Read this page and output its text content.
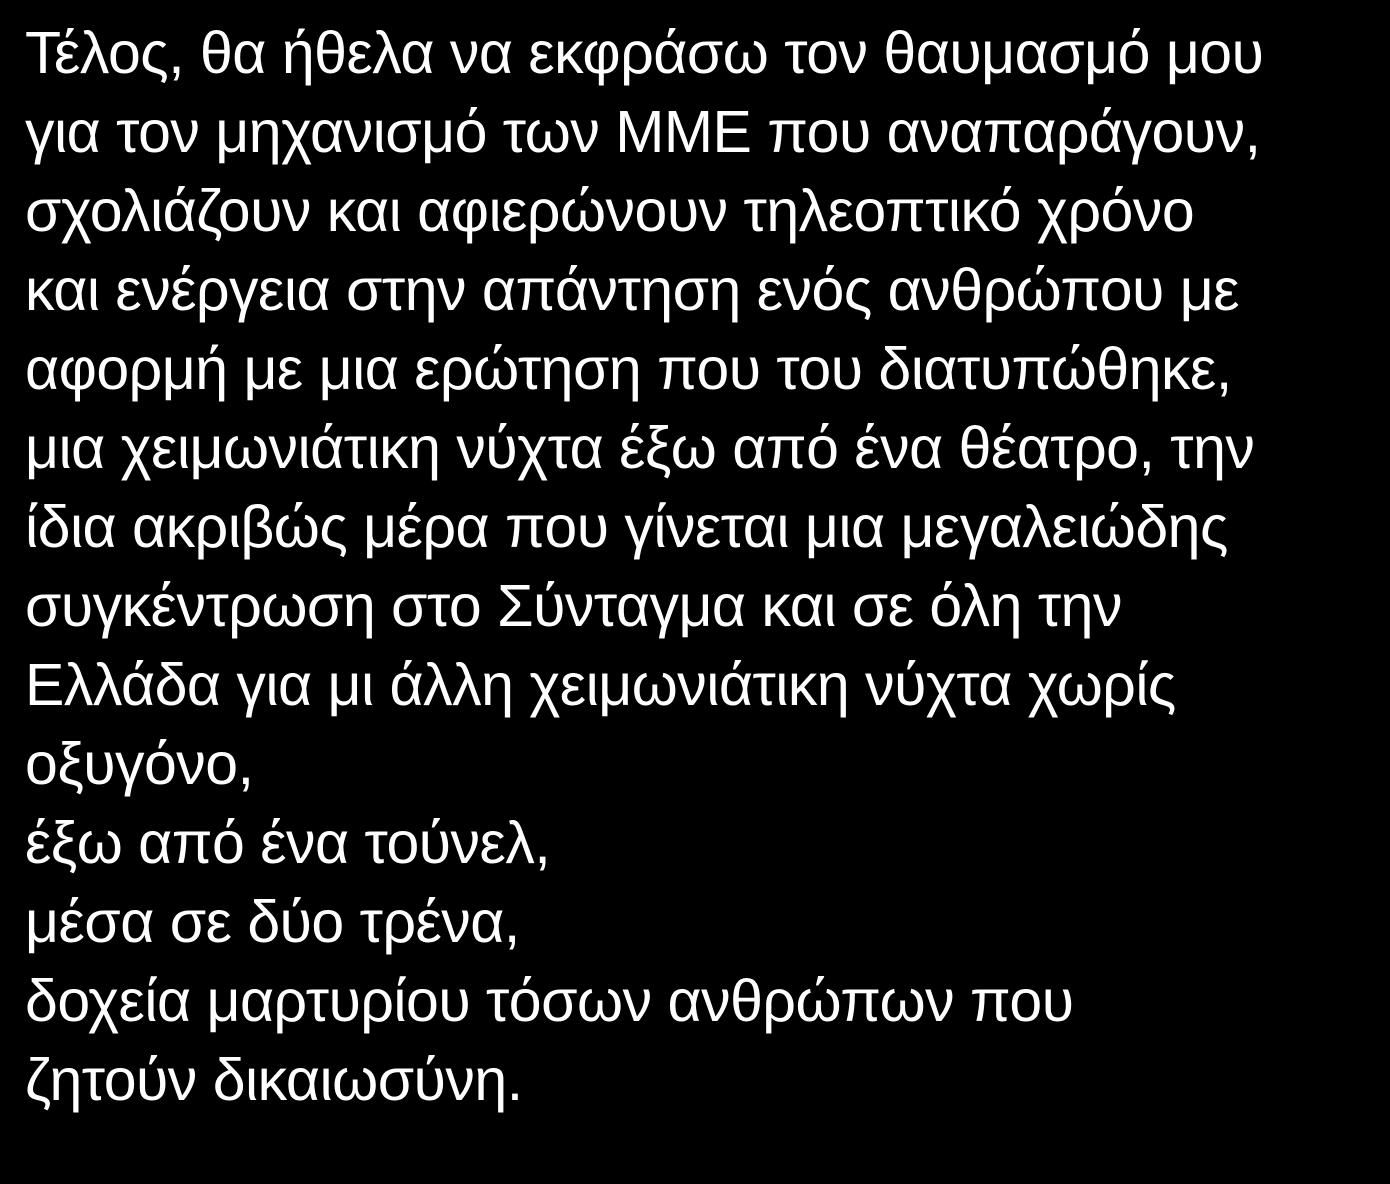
Τέλος, θα ήθελα να εκφράσω τον θαυμασμό μου
για τον μηχανισμό των ΜΜΕ που αναπαράγουν,
σχολιάζουν και αφιερώνουν τηλεοπτικό χρόνο
και ενέργεια στην απάντηση ενός ανθρώπου με
αφορμή με μια ερώτηση που του διατυπώθηκε,
μια χειμωνιάτικη νύχτα έξω από ένα θέατρο, την
ίδια ακριβώς μέρα που γίνεται μια μεγαλειώδης
συγκέντρωση στο Σύνταγμα και σε όλη την
Ελλάδα για μι άλλη χειμωνιάτικη νύχτα χωρίς
οξυγόνο,
έξω από ένα τούνελ,
μέσα σε δύο τρένα,
δοχεία μαρτυρίου τόσων ανθρώπων που
ζητούν δικαιωσύνη.
